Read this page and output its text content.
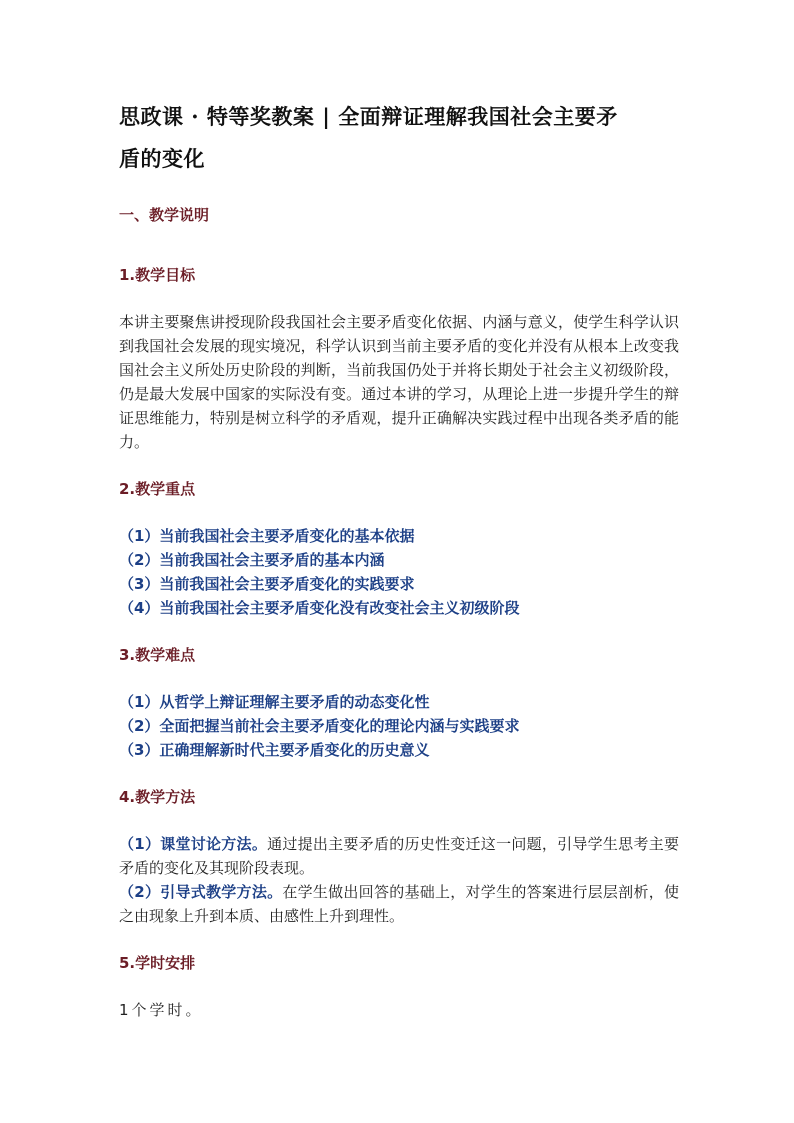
思政课 · 特等奖教案 | 全面辩证理解我国社会主要矛
盾的变化
一、教学说明
1.教学目标
本讲主要聚焦讲授现阶段我国社会主要矛盾变化依据、内涵与意义，使学生科学认识到我国社会发展的现实境况，科学认识到当前主要矛盾的变化并没有从根本上改变我国社会主义所处历史阶段的判断，当前我国仍处于并将长期处于社会主义初级阶段，仍是最大发展中国家的实际没有变。通过本讲的学习，从理论上进一步提升学生的辩证思维能力，特别是树立科学的矛盾观，提升正确解决实践过程中出现各类矛盾的能力。
2.教学重点
（1）当前我国社会主要矛盾变化的基本依据
（2）当前我国社会主要矛盾的基本内涵
（3）当前我国社会主要矛盾变化的实践要求
（4）当前我国社会主要矛盾变化没有改变社会主义初级阶段
3.教学难点
（1）从哲学上辩证理解主要矛盾的动态变化性
（2）全面把握当前社会主要矛盾变化的理论内涵与实践要求
（3）正确理解新时代主要矛盾变化的历史意义
4.教学方法
（1）课堂讨论方法。通过提出主要矛盾的历史性变迁这一问题，引导学生思考主要矛盾的变化及其现阶段表现。
（2）引导式教学方法。在学生做出回答的基础上，对学生的答案进行层层剖析，使之由现象上升到本质、由感性上升到理性。
5.学时安排
1个学时。
